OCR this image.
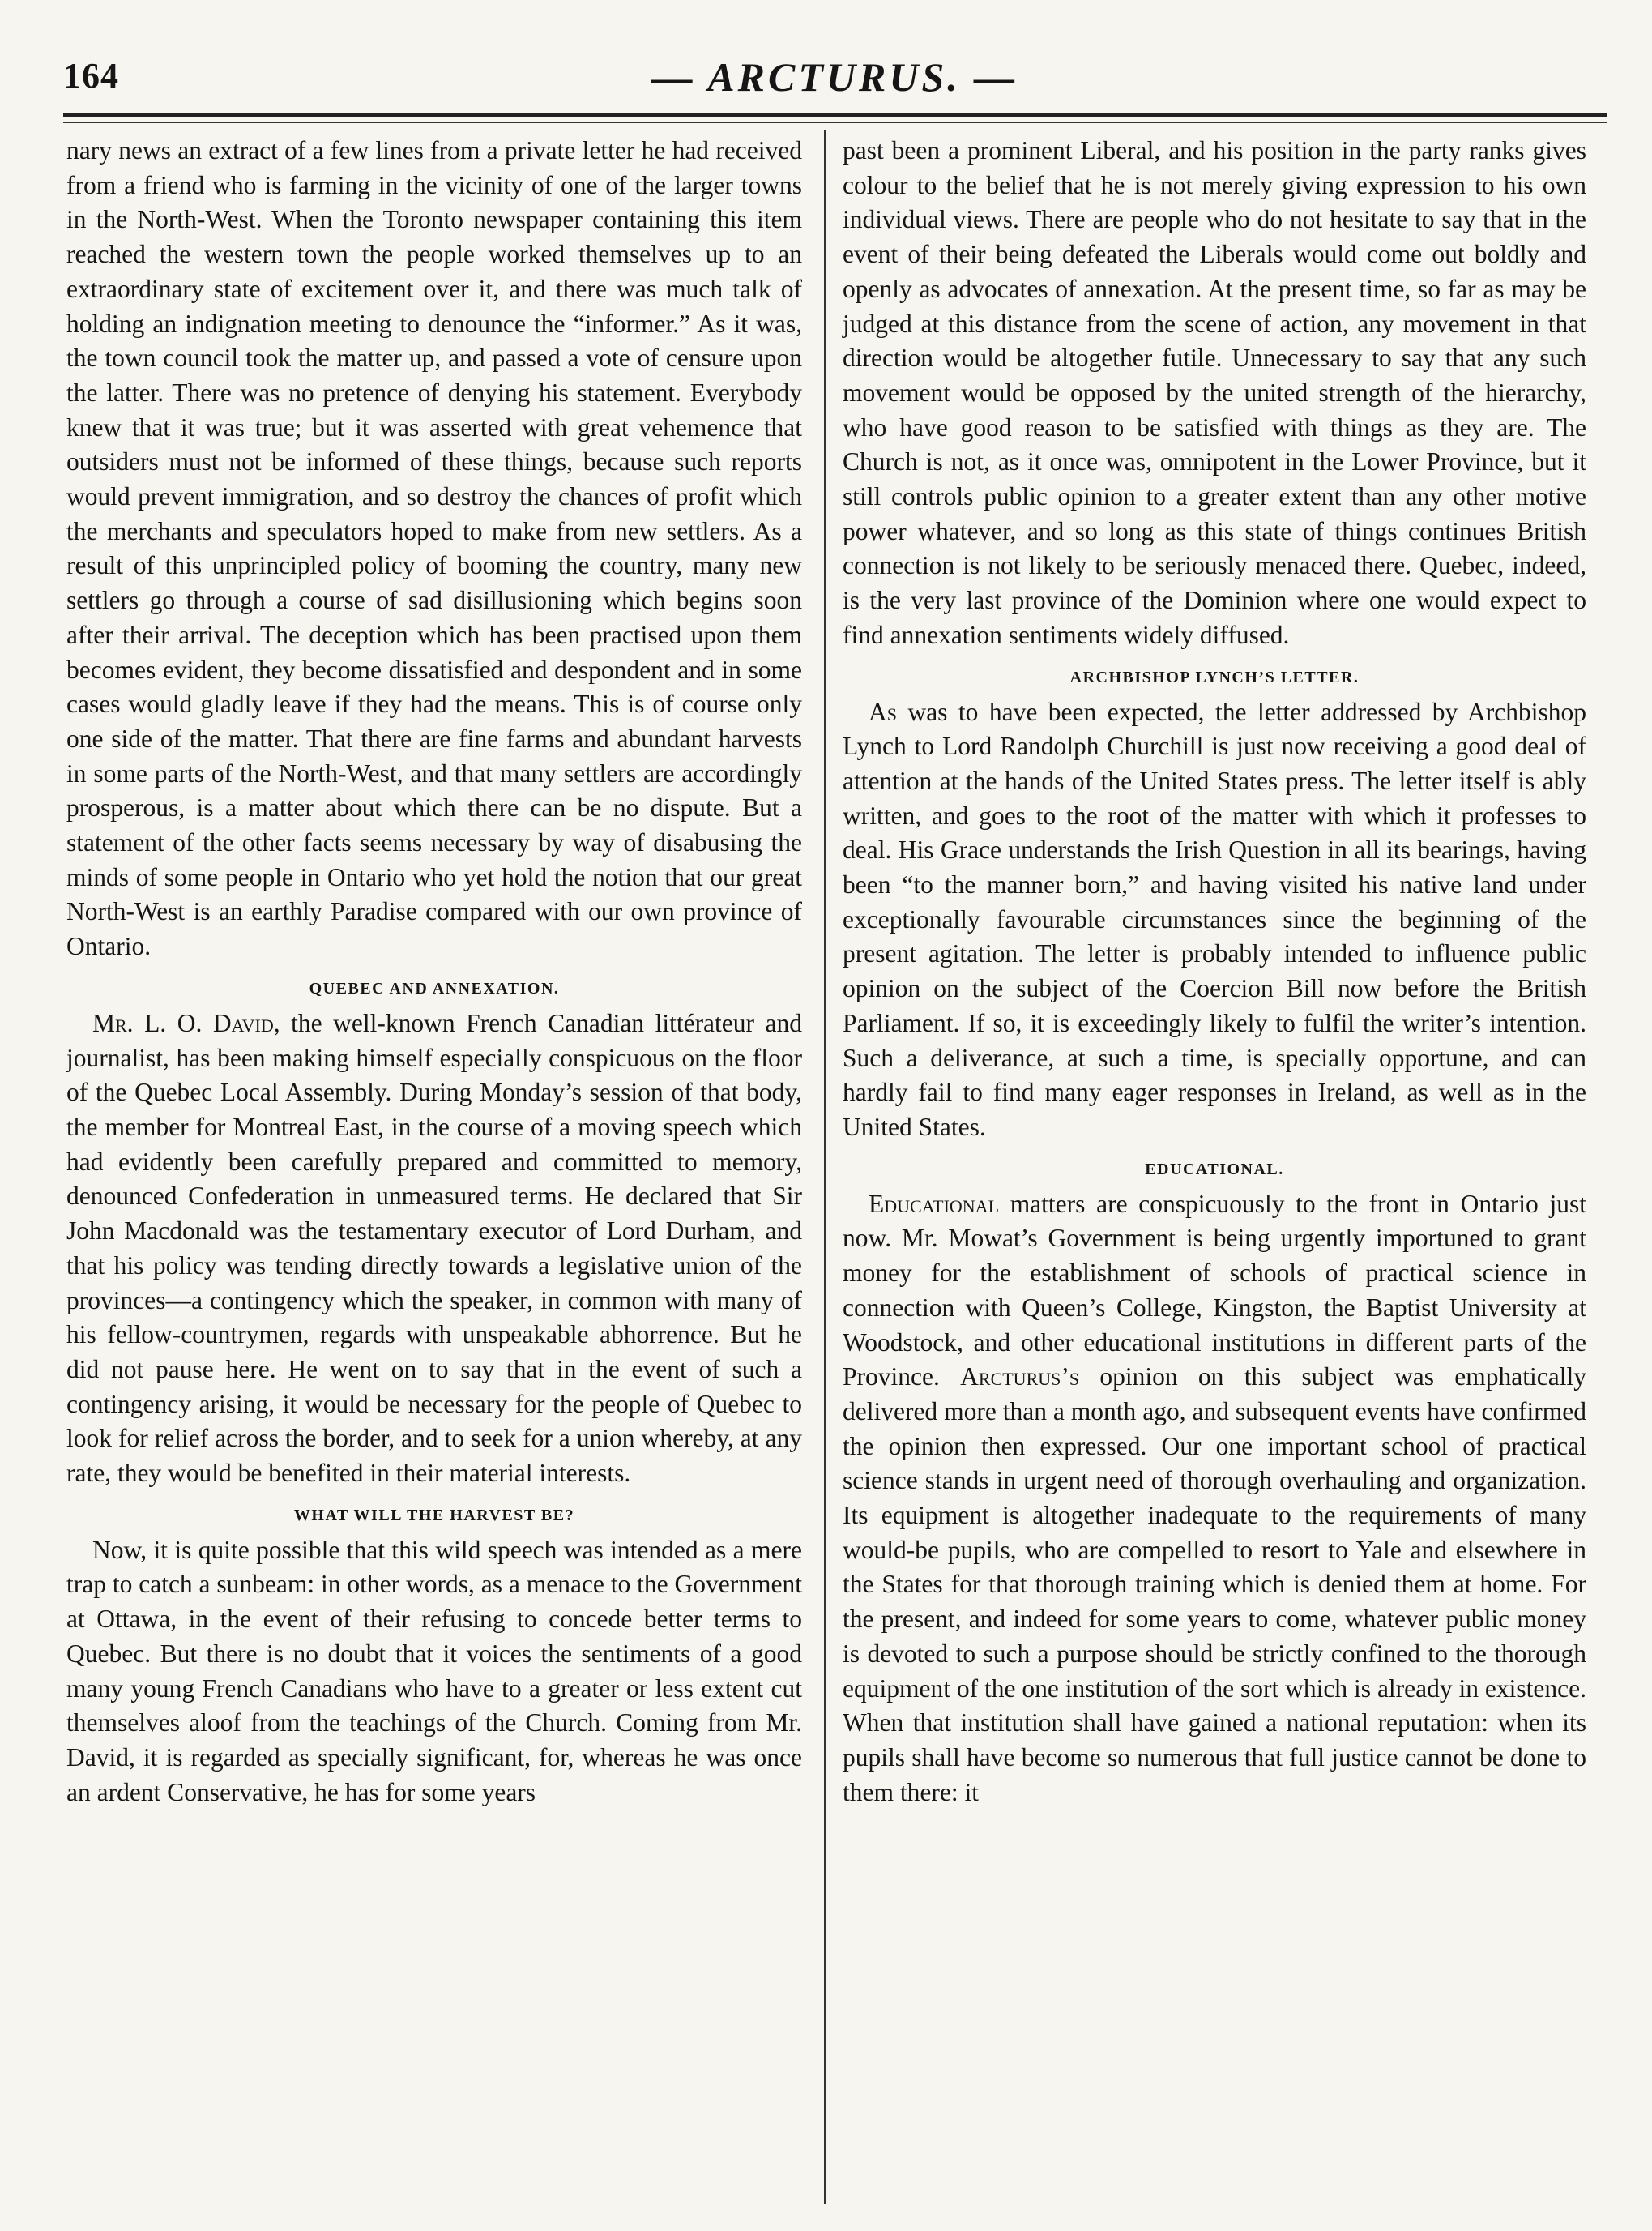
164	— ARCTURUS. —

nary news an extract of a few lines from a private letter he had received from a friend who is farming in the vicinity of one of the larger towns in the North-West. When the Toronto newspaper containing this item reached the western town the people worked themselves up to an extraordinary state of excitement over it, and there was much talk of holding an indignation meeting to denounce the “informer.” As it was, the town council took the matter up, and passed a vote of censure upon the latter. There was no pretence of denying his statement. Everybody knew that it was true; but it was asserted with great vehemence that outsiders must not be informed of these things, because such reports would prevent immigration, and so destroy the chances of profit which the merchants and speculators hoped to make from new settlers. As a result of this unprincipled policy of booming the country, many new settlers go through a course of sad disillusioning which begins soon after their arrival. The deception which has been practised upon them becomes evident, they become dissatisfied and despondent and in some cases would gladly leave if they had the means. This is of course only one side of the matter. That there are fine farms and abundant harvests in some parts of the North-West, and that many settlers are accordingly prosperous, is a matter about which there can be no dispute. But a statement of the other facts seems necessary by way of disabusing the minds of some people in Ontario who yet hold the notion that our great North-West is an earthly Paradise compared with our own province of Ontario.

QUEBEC AND ANNEXATION.

Mr. L. O. David, the well-known French Canadian littérateur and journalist, has been making himself especially conspicuous on the floor of the Quebec Local Assembly. During Monday’s session of that body, the member for Montreal East, in the course of a moving speech which had evidently been carefully prepared and committed to memory, denounced Confederation in unmeasured terms. He declared that Sir John Macdonald was the testamentary executor of Lord Durham, and that his policy was tending directly towards a legislative union of the provinces—a contingency which the speaker, in common with many of his fellow-countrymen, regards with unspeakable abhorrence. But he did not pause here. He went on to say that in the event of such a contingency arising, it would be necessary for the people of Quebec to look for relief across the border, and to seek for a union whereby, at any rate, they would be benefited in their material interests.

WHAT WILL THE HARVEST BE?

Now, it is quite possible that this wild speech was intended as a mere trap to catch a sunbeam: in other words, as a menace to the Government at Ottawa, in the event of their refusing to concede better terms to Quebec. But there is no doubt that it voices the sentiments of a good many young French Canadians who have to a greater or less extent cut themselves aloof from the teachings of the Church. Coming from Mr. David, it is regarded as specially significant, for, whereas he was once an ardent Conservative, he has for some years

past been a prominent Liberal, and his position in the party ranks gives colour to the belief that he is not merely giving expression to his own individual views. There are people who do not hesitate to say that in the event of their being defeated the Liberals would come out boldly and openly as advocates of annexation. At the present time, so far as may be judged at this distance from the scene of action, any movement in that direction would be altogether futile. Unnecessary to say that any such movement would be opposed by the united strength of the hierarchy, who have good reason to be satisfied with things as they are. The Church is not, as it once was, omnipotent in the Lower Province, but it still controls public opinion to a greater extent than any other motive power whatever, and so long as this state of things continues British connection is not likely to be seriously menaced there. Quebec, indeed, is the very last province of the Dominion where one would expect to find annexation sentiments widely diffused.

ARCHBISHOP LYNCH’S LETTER.

As was to have been expected, the letter addressed by Archbishop Lynch to Lord Randolph Churchill is just now receiving a good deal of attention at the hands of the United States press. The letter itself is ably written, and goes to the root of the matter with which it professes to deal. His Grace understands the Irish Question in all its bearings, having been “to the manner born,” and having visited his native land under exceptionally favourable circumstances since the beginning of the present agitation. The letter is probably intended to influence public opinion on the subject of the Coercion Bill now before the British Parliament. If so, it is exceedingly likely to fulfil the writer’s intention. Such a deliverance, at such a time, is specially opportune, and can hardly fail to find many eager responses in Ireland, as well as in the United States.

EDUCATIONAL.

Educational matters are conspicuously to the front in Ontario just now. Mr. Mowat’s Government is being urgently importuned to grant money for the establishment of schools of practical science in connection with Queen’s College, Kingston, the Baptist University at Woodstock, and other educational institutions in different parts of the Province. Arcturus’s opinion on this subject was emphatically delivered more than a month ago, and subsequent events have confirmed the opinion then expressed. Our one important school of practical science stands in urgent need of thorough overhauling and organization. Its equipment is altogether inadequate to the requirements of many would-be pupils, who are compelled to resort to Yale and elsewhere in the States for that thorough training which is denied them at home. For the present, and indeed for some years to come, whatever public money is devoted to such a purpose should be strictly confined to the thorough equipment of the one institution of the sort which is already in existence. When that institution shall have gained a national reputation: when its pupils shall have become so numerous that full justice cannot be done to them there: it
